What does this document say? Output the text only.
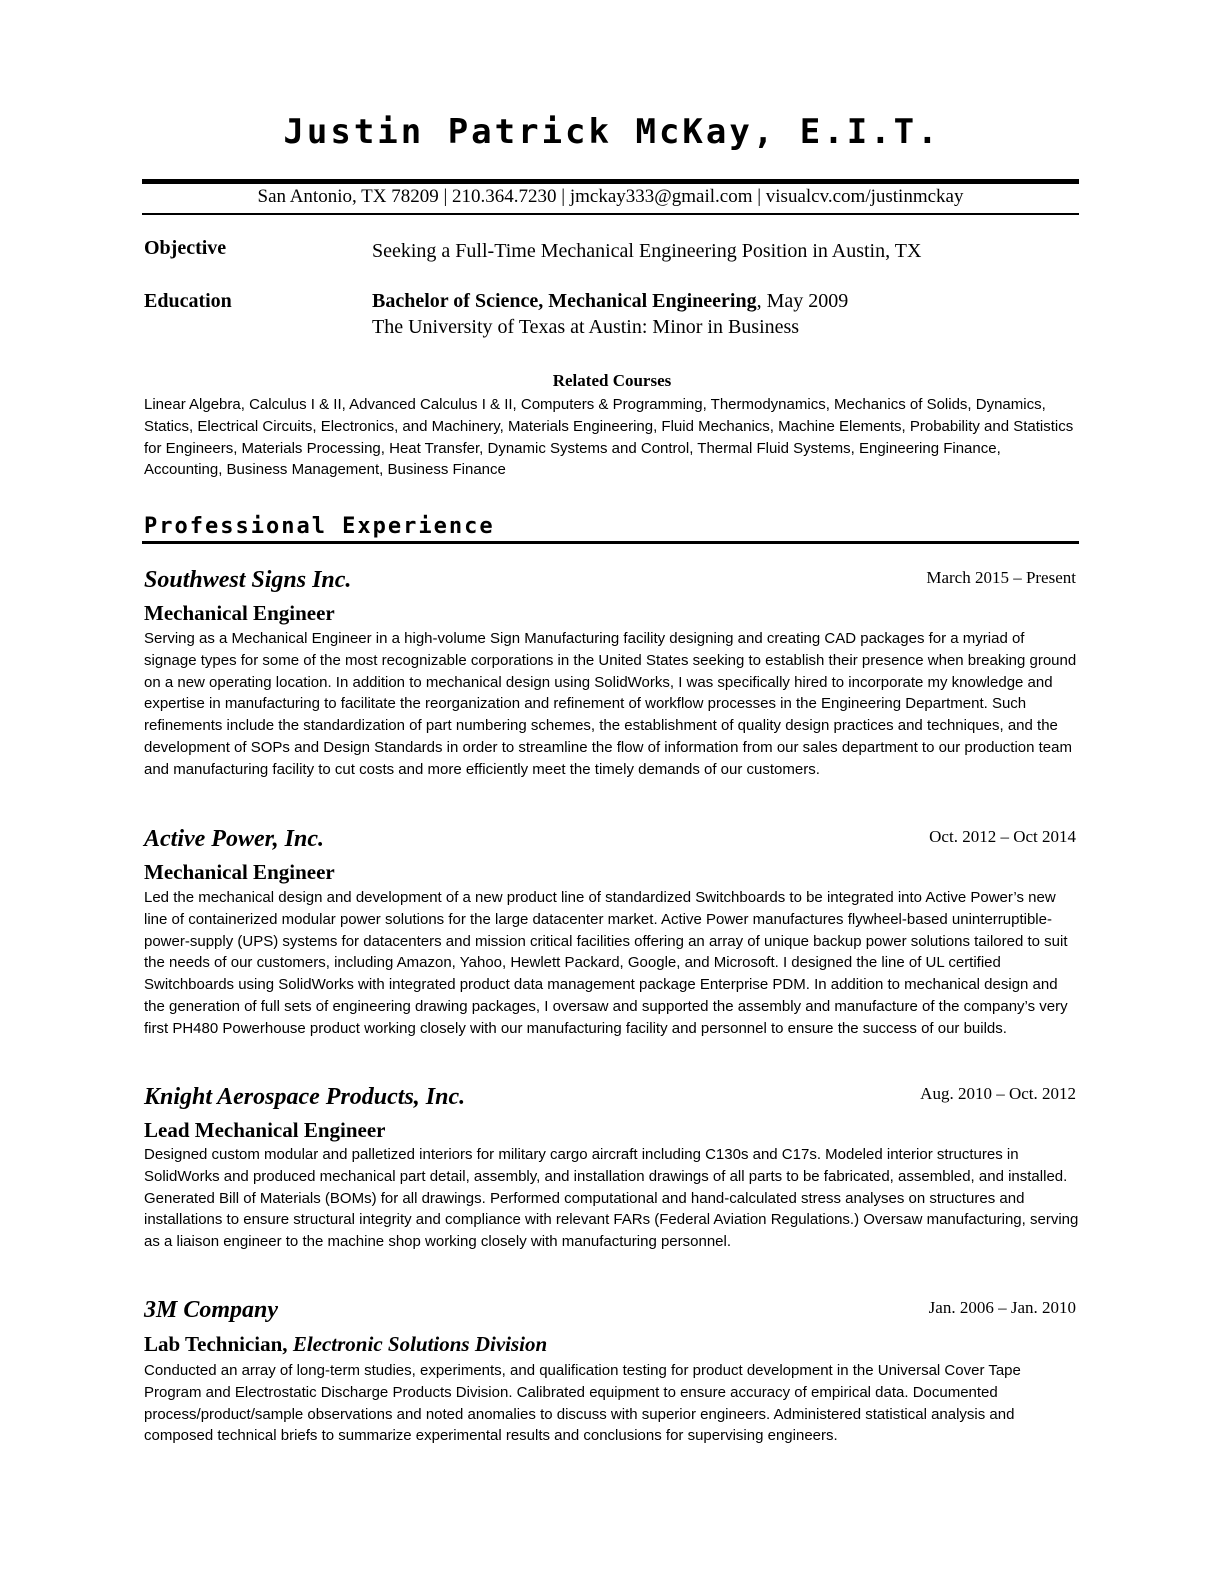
Justin Patrick McKay, E.I.T.
San Antonio, TX 78209 | 210.364.7230 | jmckay333@gmail.com | visualcv.com/justinmckay
Objective	Seeking a Full-Time Mechanical Engineering Position in Austin, TX
Education	Bachelor of Science, Mechanical Engineering, May 2009
The University of Texas at Austin: Minor in Business
Related Courses
Linear Algebra, Calculus I & II, Advanced Calculus I & II, Computers & Programming, Thermodynamics, Mechanics of Solids, Dynamics, Statics, Electrical Circuits, Electronics, and Machinery, Materials Engineering, Fluid Mechanics, Machine Elements, Probability and Statistics for Engineers, Materials Processing, Heat Transfer, Dynamic Systems and Control, Thermal Fluid Systems, Engineering Finance, Accounting, Business Management, Business Finance
Professional Experience
Southwest Signs Inc.	March 2015 – Present
Mechanical Engineer
Serving as a Mechanical Engineer in a high-volume Sign Manufacturing facility designing and creating CAD packages for a myriad of signage types for some of the most recognizable corporations in the United States seeking to establish their presence when breaking ground on a new operating location. In addition to mechanical design using SolidWorks, I was specifically hired to incorporate my knowledge and expertise in manufacturing to facilitate the reorganization and refinement of workflow processes in the Engineering Department. Such refinements include the standardization of part numbering schemes, the establishment of quality design practices and techniques, and the development of SOPs and Design Standards in order to streamline the flow of information from our sales department to our production team and manufacturing facility to cut costs and more efficiently meet the timely demands of our customers.
Active Power, Inc.	Oct. 2012 – Oct 2014
Mechanical Engineer
Led the mechanical design and development of a new product line of standardized Switchboards to be integrated into Active Power’s new line of containerized modular power solutions for the large datacenter market. Active Power manufactures flywheel-based uninterruptible-power-supply (UPS) systems for datacenters and mission critical facilities offering an array of unique backup power solutions tailored to suit the needs of our customers, including Amazon, Yahoo, Hewlett Packard, Google, and Microsoft. I designed the line of UL certified Switchboards using SolidWorks with integrated product data management package Enterprise PDM. In addition to mechanical design and the generation of full sets of engineering drawing packages, I oversaw and supported the assembly and manufacture of the company’s very first PH480 Powerhouse product working closely with our manufacturing facility and personnel to ensure the success of our builds.
Knight Aerospace Products, Inc.	Aug. 2010 – Oct. 2012
Lead Mechanical Engineer
Designed custom modular and palletized interiors for military cargo aircraft including C130s and C17s. Modeled interior structures in SolidWorks and produced mechanical part detail, assembly, and installation drawings of all parts to be fabricated, assembled, and installed. Generated Bill of Materials (BOMs) for all drawings. Performed computational and hand-calculated stress analyses on structures and installations to ensure structural integrity and compliance with relevant FARs (Federal Aviation Regulations.) Oversaw manufacturing, serving as a liaison engineer to the machine shop working closely with manufacturing personnel.
3M Company	Jan. 2006 – Jan. 2010
Lab Technician, Electronic Solutions Division
Conducted an array of long-term studies, experiments, and qualification testing for product development in the Universal Cover Tape Program and Electrostatic Discharge Products Division. Calibrated equipment to ensure accuracy of empirical data. Documented process/product/sample observations and noted anomalies to discuss with superior engineers. Administered statistical analysis and composed technical briefs to summarize experimental results and conclusions for supervising engineers.
